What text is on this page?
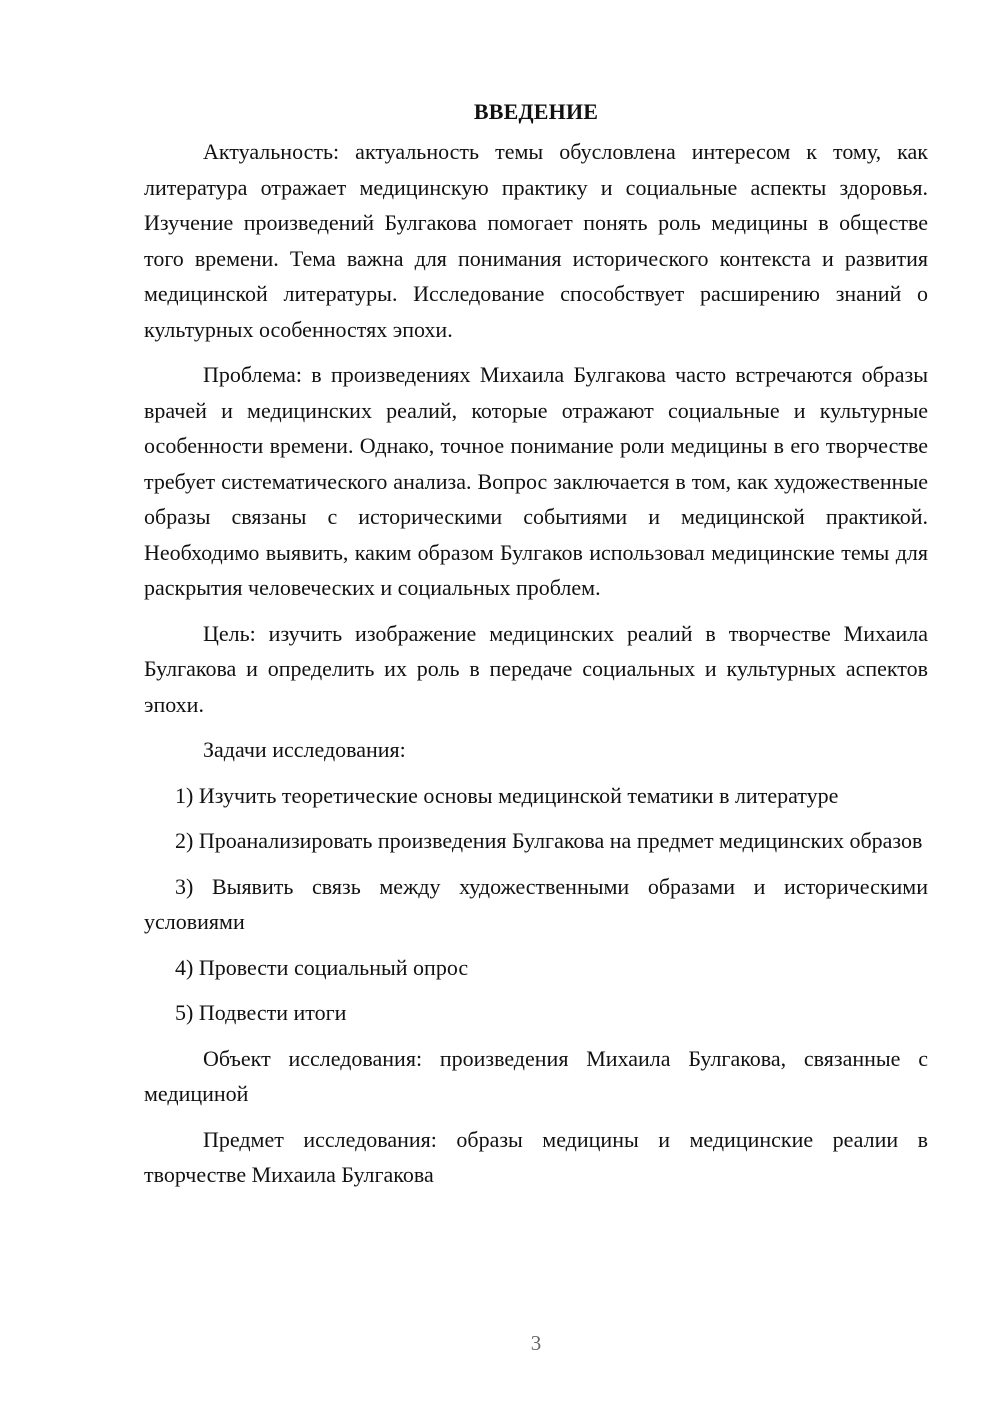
ВВЕДЕНИЕ

Актуальность: актуальность темы обусловлена интересом к тому, как литература отражает медицинскую практику и социальные аспекты здоровья. Изучение произведений Булгакова помогает понять роль медицины в обществе того времени. Тема важна для понимания исторического контекста и развития медицинской литературы. Исследование способствует расширению знаний о культурных особенностях эпохи.

Проблема: в произведениях Михаила Булгакова часто встречаются образы врачей и медицинских реалий, которые отражают социальные и культурные особенности времени. Однако, точное понимание роли медицины в его творчестве требует систематического анализа. Вопрос заключается в том, как художественные образы связаны с историческими событиями и медицинской практикой. Необходимо выявить, каким образом Булгаков использовал медицинские темы для раскрытия человеческих и социальных проблем.

Цель: изучить изображение медицинских реалий в творчестве Михаила Булгакова и определить их роль в передаче социальных и культурных аспектов эпохи.

Задачи исследования:

1) Изучить теоретические основы медицинской тематики в литературе

2) Проанализировать произведения Булгакова на предмет медицинских образов

3) Выявить связь между художественными образами и историческими условиями

4) Провести социальный опрос

5) Подвести итоги

Объект исследования: произведения Михаила Булгакова, связанные с медициной

Предмет исследования: образы медицины и медицинские реалии в творчестве Михаила Булгакова

3
